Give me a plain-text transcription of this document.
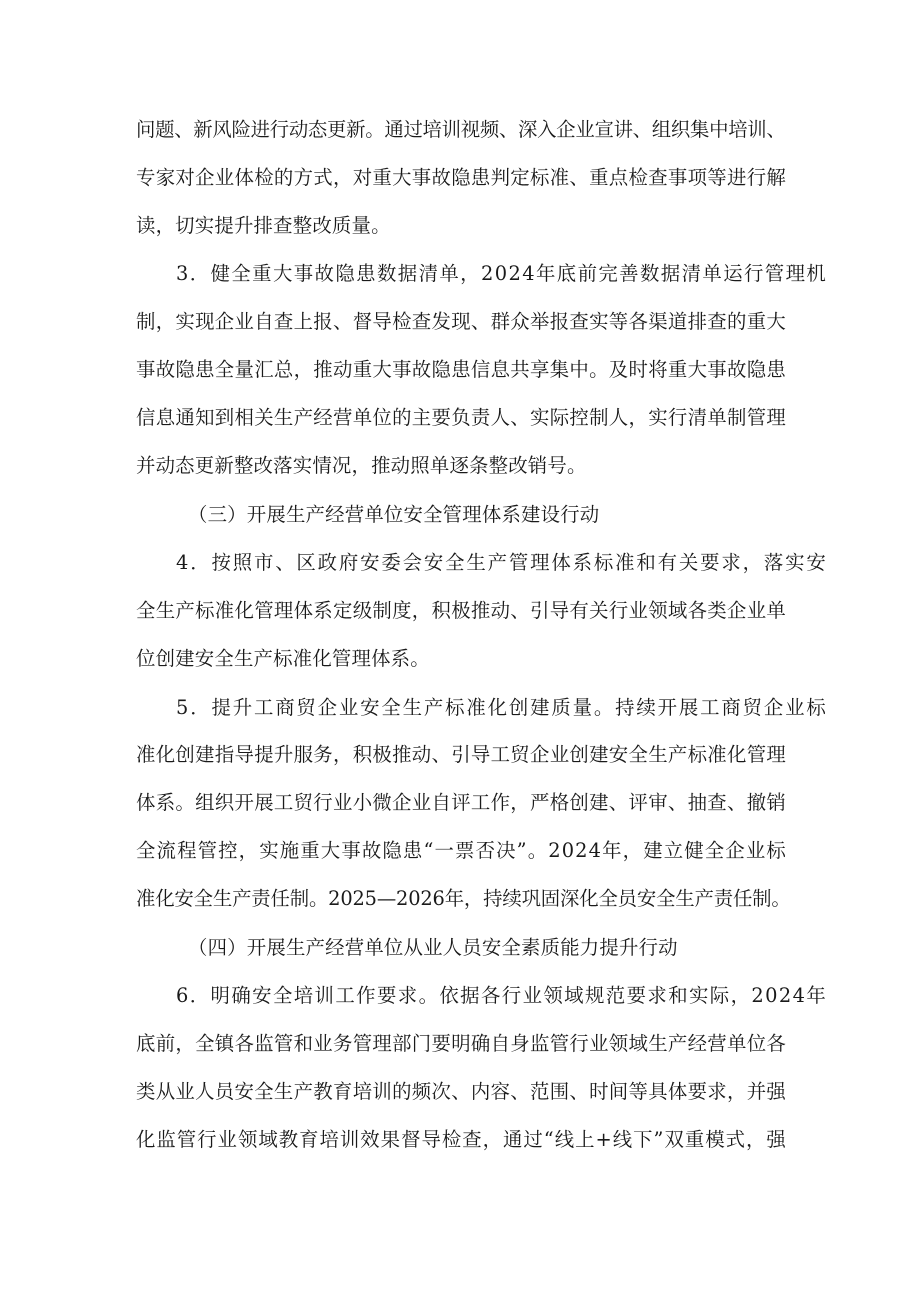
问题、新风险进行动态更新。通过培训视频、深入企业宣讲、组织集中培训、
专家对企业体检的方式，对重大事故隐患判定标准、重点检查事项等进行解
读，切实提升排查整改质量。
3．健全重大事故隐患数据清单，2024年底前完善数据清单运行管理机
制，实现企业自查上报、督导检查发现、群众举报查实等各渠道排查的重大
事故隐患全量汇总，推动重大事故隐患信息共享集中。及时将重大事故隐患
信息通知到相关生产经营单位的主要负责人、实际控制人，实行清单制管理
并动态更新整改落实情况，推动照单逐条整改销号。
（三）开展生产经营单位安全管理体系建设行动
4．按照市、区政府安委会安全生产管理体系标准和有关要求，落实安
全生产标准化管理体系定级制度，积极推动、引导有关行业领域各类企业单
位创建安全生产标准化管理体系。
5．提升工商贸企业安全生产标准化创建质量。持续开展工商贸企业标
准化创建指导提升服务，积极推动、引导工贸企业创建安全生产标准化管理
体系。组织开展工贸行业小微企业自评工作，严格创建、评审、抽查、撤销
全流程管控，实施重大事故隐患“一票否决”。2024年，建立健全企业标
准化安全生产责任制。2025—2026年，持续巩固深化全员安全生产责任制。
（四）开展生产经营单位从业人员安全素质能力提升行动
6．明确安全培训工作要求。依据各行业领域规范要求和实际，2024年
底前，全镇各监管和业务管理部门要明确自身监管行业领域生产经营单位各
类从业人员安全生产教育培训的频次、内容、范围、时间等具体要求，并强
化监管行业领域教育培训效果督导检查，通过“线上+线下”双重模式，强
